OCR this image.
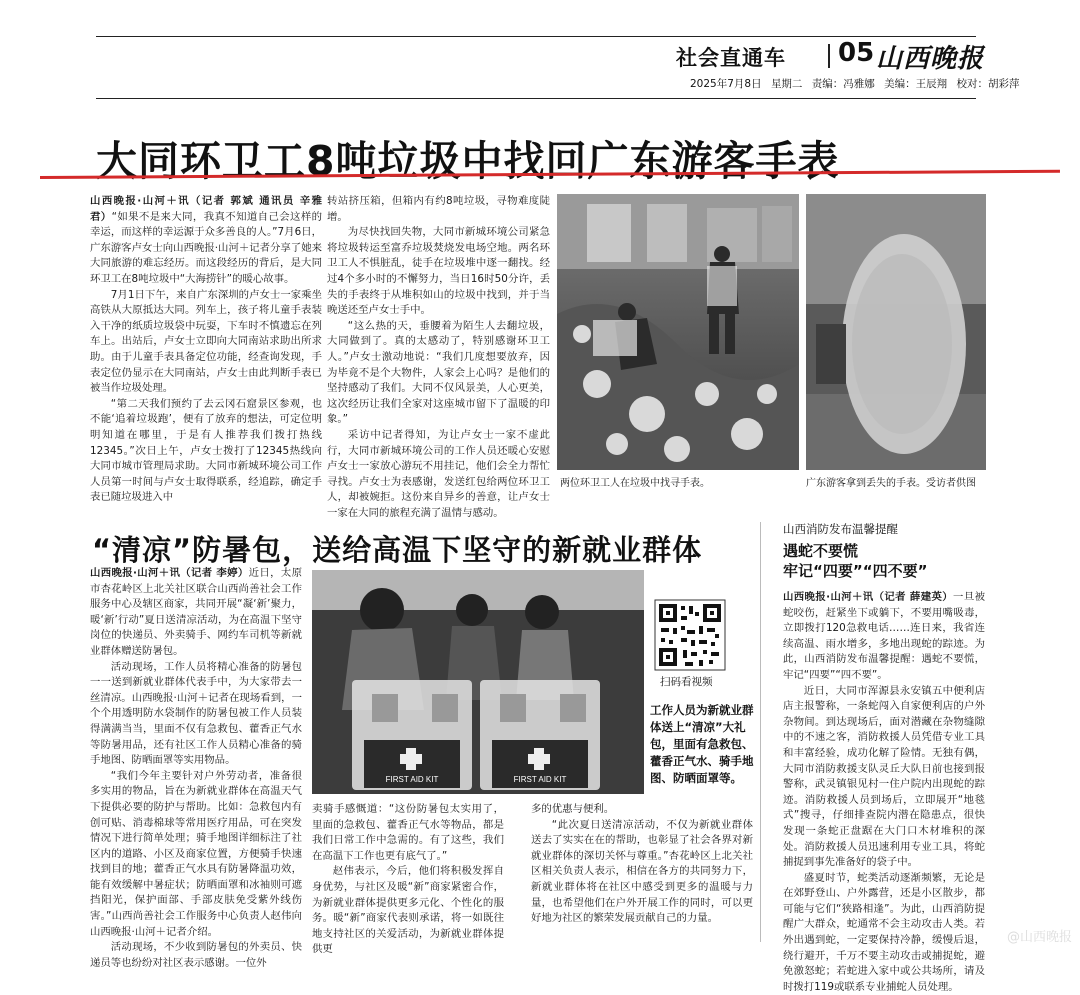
社会直通车 05 山西晚报
2025年7月8日 星期二 责编：冯雅娜 美编：王辰翔 校对：胡彩萍
大同环卫工8吨垃圾中找回广东游客手表

山西晚报·山河＋讯（记者 郭斌 通讯员 辛雅君）“如果不是来大同，我真不知道自己会这样的幸运，而这样的幸运源于众多善良的人。”7月6日，广东游客卢女士向山西晚报·山河＋记者分享了她来大同旅游的难忘经历。而这段经历的背后，是大同环卫工在8吨垃圾中“大海捞针”的暖心故事。

7月1日下午，来自广东深圳的卢女士一家乘坐高铁从大原抵达大同。列车上，孩子将儿童手表装入干净的纸质垃圾袋中玩耍，下车时不慎遗忘在列车上。出站后，卢女士立即向大同南站求助出所求助。由于儿童手表具备定位功能，经查询发现，手表定位仍显示在大同南站，卢女士由此判断手表已被当作垃圾处理。

“第二天我们预约了去云冈石窟景区参观，也不能‘追着垃圾跑’，便有了放弃的想法，可定位明明知道在哪里，于是有人推荐我们拨打热线12345。”次日上午，卢女士拨打了12345热线向大同市城市管理局求助。大同市新城环境公司工作人员第一时间与卢女士取得联系，经追踪，确定手表已随垃圾进入中

转站挤压箱，但箱内有约8吨垃圾，寻物难度陡增。

为尽快找回失物，大同市新城环境公司紧急将垃圾转运至富乔垃圾焚烧发电场空地。两名环卫工人不惧脏乱，徒手在垃圾堆中逐一翻找。经过4个多小时的不懈努力，当日16时50分许，丢失的手表终于从堆积如山的垃圾中找到，并于当晚送还至卢女士手中。

“这么热的天，垂腰着为陌生人去翻垃圾，大同做到了。真的太感动了，特别感谢环卫工人。”卢女士激动地说：“我们几度想要放弃，因为毕竟不是个大物件，人家会上心吗？是他们的坚持感动了我们。大同不仅风景美，人心更美，这次经历让我们全家对这座城市留下了温暖的印象。”

采访中记者得知，为让卢女士一家不虚此行，大同市新城环境公司的工作人员还暖心安慰卢女士一家放心游玩不用挂记，他们会全力帮忙寻找。卢女士为表感谢，发送红包给两位环卫工人，却被婉拒。这份来自异乡的善意，让卢女士一家在大同的旅程充满了温情与感动。

两位环卫工人在垃圾中找寻手表。	广东游客拿到丢失的手表。受访者供图
“清凉”防暑包，送给高温下坚守的新就业群体

山西晚报·山河＋讯（记者 李婷）近日，太原市杏花岭区上北关社区联合山西尚善社会工作服务中心及辖区商家，共同开展“凝‘新’聚力，暖‘新’行动”夏日送清凉活动，为在高温下坚守岗位的快递员、外卖骑手、网约车司机等新就业群体赠送防暑包。

活动现场，工作人员将精心准备的防暑包一一送到新就业群体代表手中，为大家带去一丝清凉。山西晚报·山河＋记者在现场看到，一个个用透明防水袋制作的防暑包被工作人员装得满满当当，里面不仅有急救包、藿香正气水等防暑用品，还有社区工作人员精心准备的骑手地图、防晒面罩等实用物品。

“我们今年主要针对户外劳动者，准备很多实用的物品，旨在为新就业群体在高温天气下提供必要的防护与帮助。比如：急救包内有创可贴、消毒棉球等常用医疗用品，可在突发情况下进行简单处理；骑手地图详细标注了社区内的道路、小区及商家位置，方便骑手快速找到目的地；藿香正气水具有防暑降温功效，能有效缓解中暑症状；防晒面罩和冰袖则可遮挡阳光，保护面部、手部皮肤免受紫外线伤害。”山西尚善社会工作服务中心负责人赵伟向山西晚报·山河＋记者介绍。

活动现场，不少收到防暑包的外卖员、快递员等也纷纷对社区表示感谢。一位外

FIRST AID KIT	FIRST AID KIT
扫码看视频
工作人员为新就业群体送上“清凉”大礼包，里面有急救包、藿香正气水、骑手地图、防晒面罩等。

卖骑手感慨道：“这份防暑包太实用了，里面的急救包、藿香正气水等物品，都是我们日常工作中急需的。有了这些，我们在高温下工作也更有底气了。”

赵伟表示，今后，他们将积极发挥自身优势，与社区及暖“新”商家紧密合作，为新就业群体提供更多元化、个性化的服务。暖“新”商家代表则承诺，将一如既往地支持社区的关爱活动，为新就业群体提供更

多的优惠与便利。

“此次夏日送清凉活动，不仅为新就业群体送去了实实在在的帮助，也彰显了社会各界对新就业群体的深切关怀与尊重。”杏花岭区上北关社区相关负责人表示，相信在各方的共同努力下，新就业群体将在社区中感受到更多的温暖与力量，也希望他们在户外开展工作的同时，可以更好地为社区的繁荣发展贡献自己的力量。

山西消防发布温馨提醒
遇蛇不要慌
牢记“四要”“四不要”

山西晚报·山河＋讯（记者 薛建英）一旦被蛇咬伤，赶紧坐下或躺下，不要用嘴吸毒，立即拨打120急救电话……连日来，我省连续高温、雨水增多，多地出现蛇的踪迹。为此，山西消防发布温馨提醒：遇蛇不要慌，牢记“四要”“四不要”。

近日，大同市浑源县永安镇五中便利店店主报警称，一条蛇闯入自家便利店的户外杂物间。到达现场后，面对潜藏在杂物缝隙中的不速之客，消防救援人员凭借专业工具和丰富经验，成功化解了险情。无独有偶，大同市消防救援支队灵丘大队日前也接到报警称，武灵镇银见村一住户院内出现蛇的踪迹。消防救援人员到场后，立即展开“地毯式”搜寻，仔细排查院内潜在隐患点，很快发现一条蛇正盘踞在大门口木材堆积的深处。消防救援人员迅速利用专业工具，将蛇捕捉到事先准备好的袋子中。

盛夏时节，蛇类活动逐渐频繁，无论是在郊野登山、户外露营，还是小区散步，都可能与它们“狭路相逢”。为此，山西消防提醒广大群众，蛇通常不会主动攻击人类。若外出遇到蛇，一定要保持冷静，缓慢后退，绕行避开，千万不要主动攻击或捕捉蛇，避免激怒蛇；若蛇进入家中或公共场所，请及时拨打119或联系专业捕蛇人员处理。

@山西晚报
